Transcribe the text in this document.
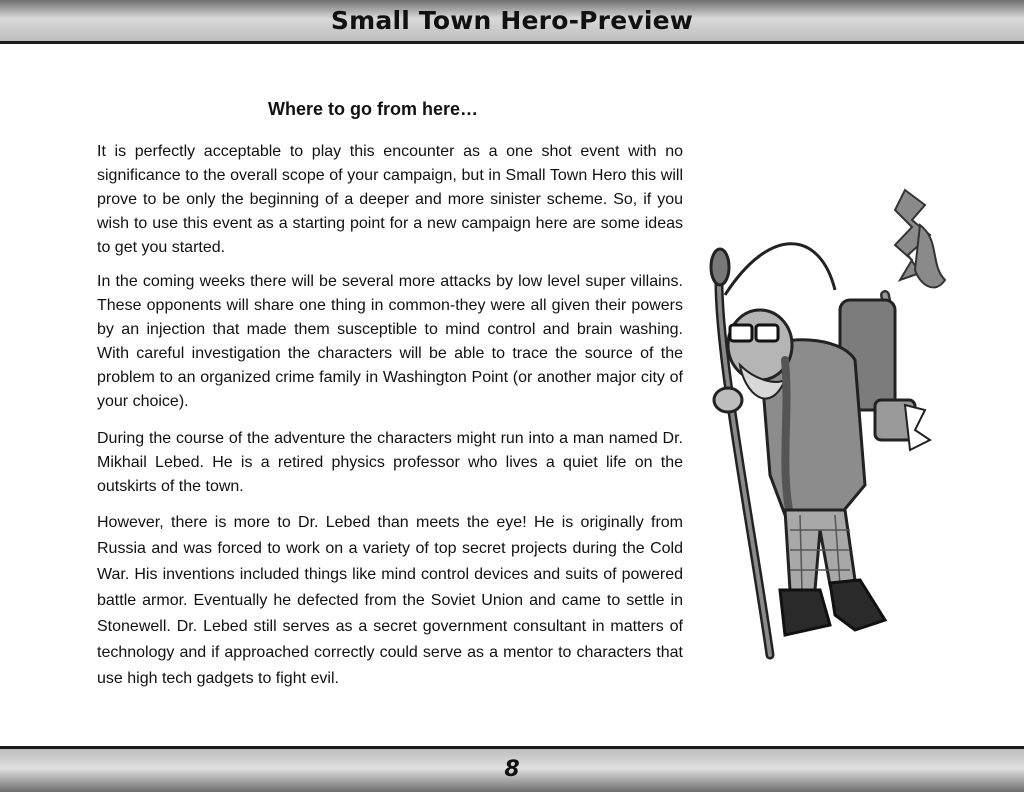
Small Town Hero-Preview
Where to go from here…

It is perfectly acceptable to play this encounter as a one shot event with no significance to the overall scope of your campaign, but in Small Town Hero this will prove to be only the beginning of a deeper and more sinister scheme. So, if you wish to use this event as a starting point for a new campaign here are some ideas to get you started.

In the coming weeks there will be several more attacks by low level super villains. These opponents will share one thing in common-they were all given their powers by an injection that made them susceptible to mind control and brain washing. With careful investigation the characters will be able to trace the source of the problem to an organized crime family in Washington Point (or another major city of your choice).

During the course of the adventure the characters might run into a man named Dr. Mikhail Lebed. He is a retired physics professor who lives a quiet life on the outskirts of the town.

However, there is more to Dr. Lebed than meets the eye! He is originally from Russia and was forced to work on a variety of top secret projects during the Cold War. His inventions included things like mind control devices and suits of powered battle armor. Eventually he defected from the Soviet Union and came to settle in Stonewell. Dr. Lebed still serves as a secret government consultant in matters of technology and if approached correctly could serve as a mentor to characters that use high tech gadgets to fight evil.

8
